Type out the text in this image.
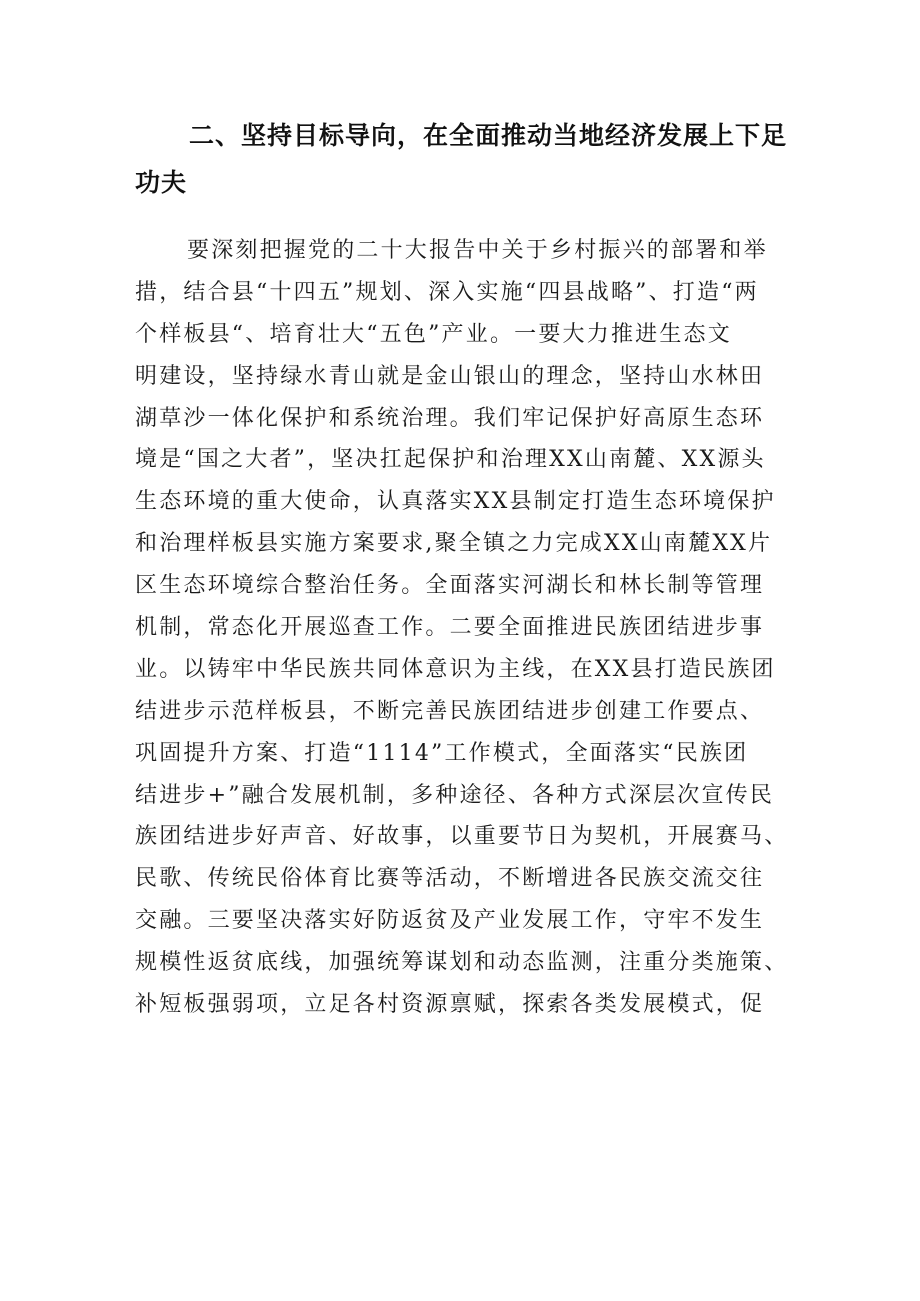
二、坚持目标导向，在全面推动当地经济发展上下足功夫
要深刻把握党的二十大报告中关于乡村振兴的部署和举
措，结合县“十四五”规划、深入实施“四县战略”、打造“两
个样板县“、培育壮大“五色”产业。一要大力推进生态文
明建设，坚持绿水青山就是金山银山的理念，坚持山水林田
湖草沙一体化保护和系统治理。我们牢记保护好高原生态环
境是“国之大者”，坚决扛起保护和治理XX山南麓、XX源头
生态环境的重大使命，认真落实XX县制定打造生态环境保护
和治理样板县实施方案要求,聚全镇之力完成XX山南麓XX片
区生态环境综合整治任务。全面落实河湖长和林长制等管理
机制，常态化开展巡查工作。二要全面推进民族团结进步事
业。以铸牢中华民族共同体意识为主线，在XX县打造民族团
结进步示范样板县，不断完善民族团结进步创建工作要点、
巩固提升方案、打造“1114”工作模式，全面落实“民族团
结进步+”融合发展机制，多种途径、各种方式深层次宣传民
族团结进步好声音、好故事，以重要节日为契机，开展赛马、
民歌、传统民俗体育比赛等活动，不断增进各民族交流交往
交融。三要坚决落实好防返贫及产业发展工作，守牢不发生
规模性返贫底线，加强统筹谋划和动态监测，注重分类施策、
补短板强弱项，立足各村资源禀赋，探索各类发展模式，促
